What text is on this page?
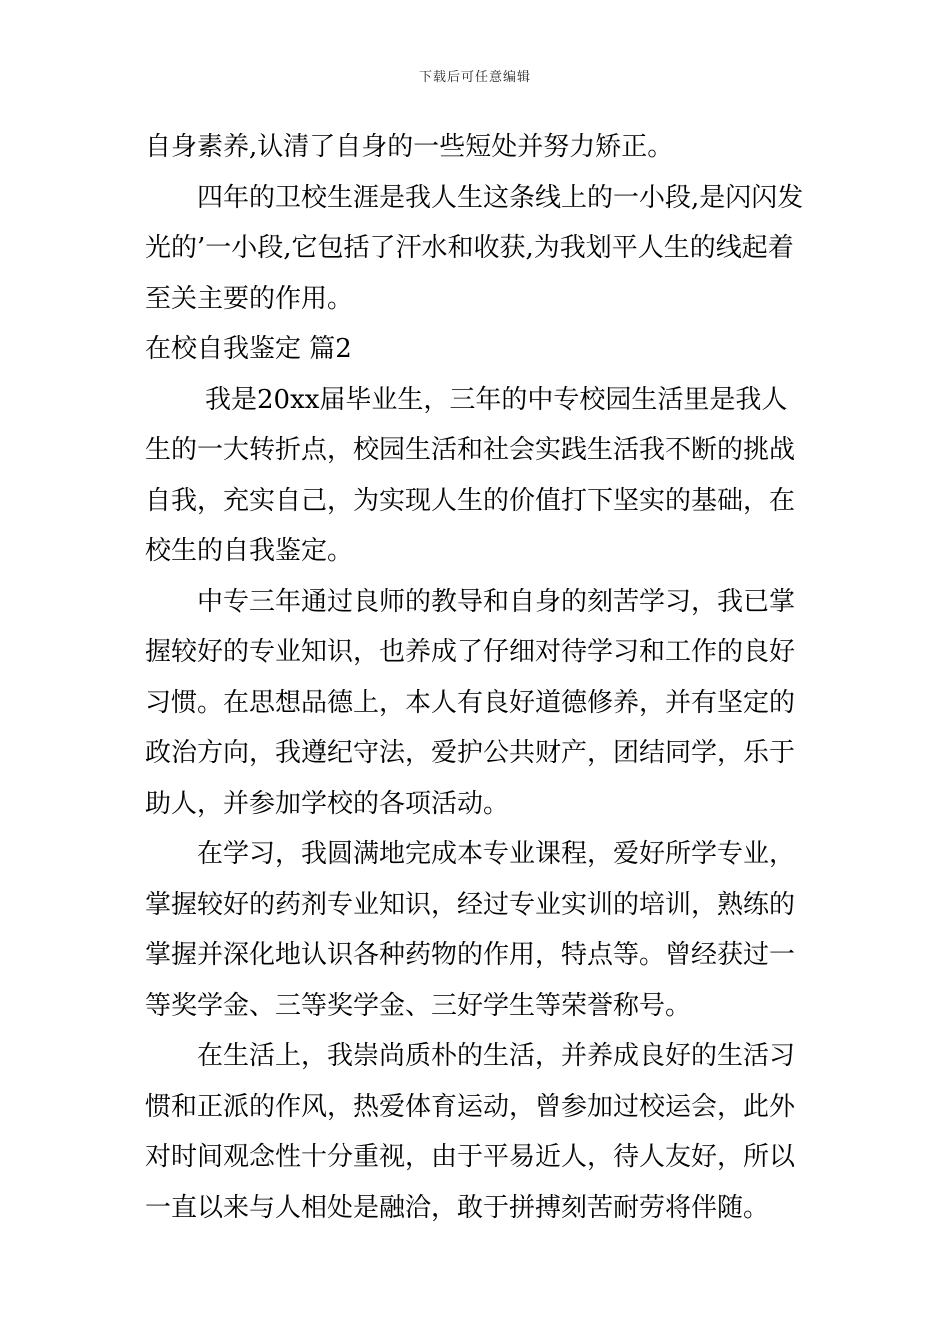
下载后可任意编辑

自身素养,认清了自身的一些短处并努力矫正。

四年的卫校生涯是我人生这条线上的一小段,是闪闪发光的’一小段,它包括了汗水和收获,为我划平人生的线起着至关主要的作用。

在校自我鉴定 篇2

我是20xx届毕业生，三年的中专校园生活里是我人生的一大转折点，校园生活和社会实践生活我不断的挑战自我，充实自己，为实现人生的价值打下坚实的基础，在校生的自我鉴定。

中专三年通过良师的教导和自身的刻苦学习，我已掌握较好的专业知识，也养成了仔细对待学习和工作的良好习惯。在思想品德上，本人有良好道德修养，并有坚定的政治方向，我遵纪守法，爱护公共财产，团结同学，乐于助人，并参加学校的各项活动。

在学习，我圆满地完成本专业课程，爱好所学专业，掌握较好的药剂专业知识，经过专业实训的培训，熟练的掌握并深化地认识各种药物的作用，特点等。曾经获过一等奖学金、三等奖学金、三好学生等荣誉称号。

在生活上，我崇尚质朴的生活，并养成良好的生活习惯和正派的作风，热爱体育运动，曾参加过校运会，此外对时间观念性十分重视，由于平易近人，待人友好，所以一直以来与人相处是融洽，敢于拼搏刻苦耐劳将伴随。
